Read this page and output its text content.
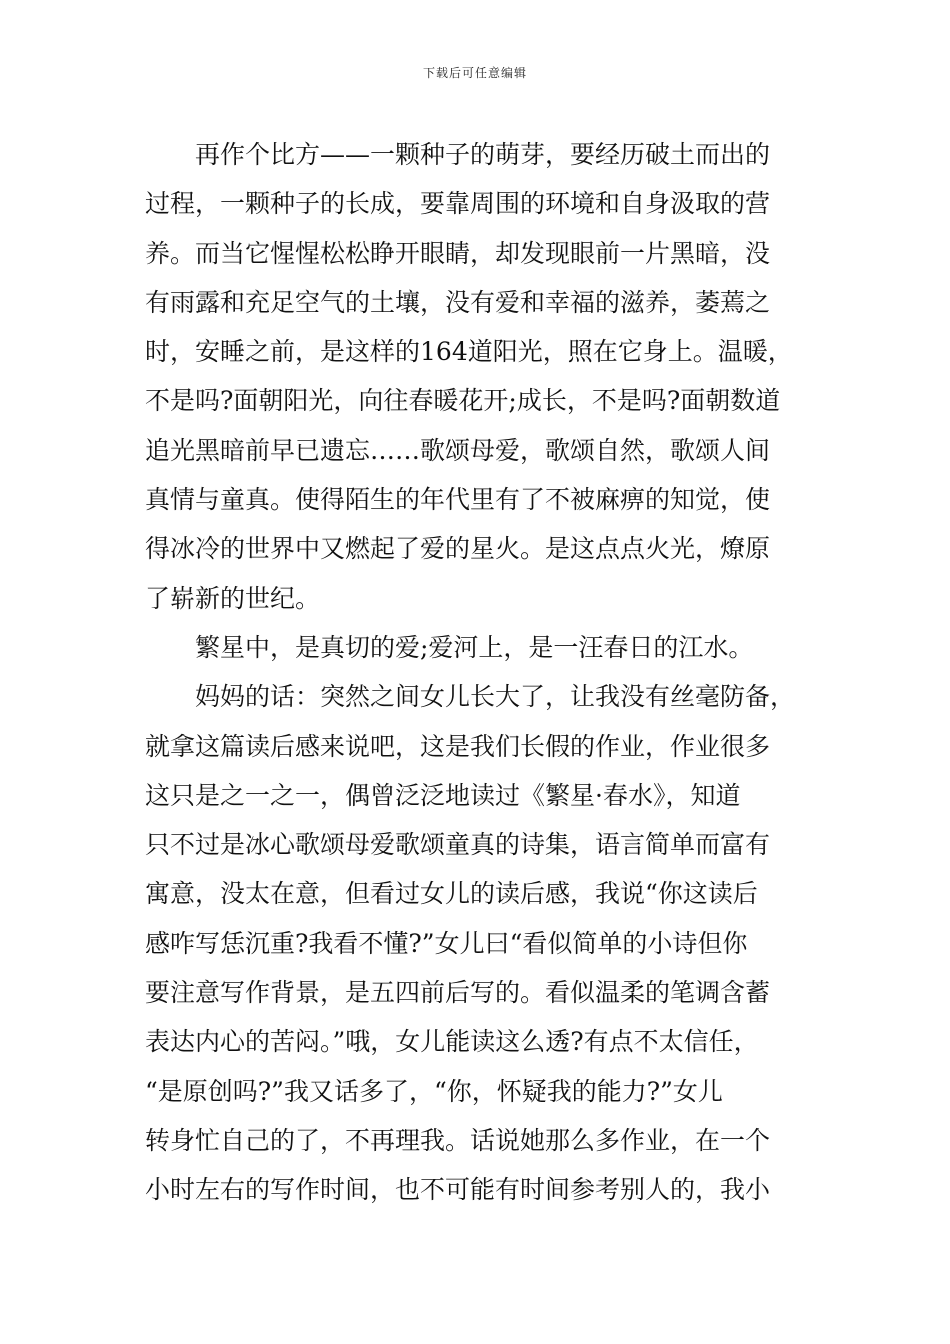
下载后可任意编辑
再作个比方——一颗种子的萌芽，要经历破土而出的
过程，一颗种子的长成，要靠周围的环境和自身汲取的营
养。而当它惺惺松松睁开眼睛，却发现眼前一片黑暗，没
有雨露和充足空气的土壤，没有爱和幸福的滋养，萎蔫之
时，安睡之前，是这样的164道阳光，照在它身上。温暖，
不是吗?面朝阳光，向往春暖花开;成长，不是吗?面朝数道
追光黑暗前早已遗忘……歌颂母爱，歌颂自然，歌颂人间
真情与童真。使得陌生的年代里有了不被麻痹的知觉，使
得冰冷的世界中又燃起了爱的星火。是这点点火光，燎原
了崭新的世纪。
繁星中，是真切的爱;爱河上，是一汪春日的江水。
妈妈的话：突然之间女儿长大了，让我没有丝毫防备，
就拿这篇读后感来说吧，这是我们长假的作业，作业很多
这只是之一之一，偶曾泛泛地读过《繁星·春水》，知道
只不过是冰心歌颂母爱歌颂童真的诗集，语言简单而富有
寓意，没太在意，但看过女儿的读后感，我说“你这读后
感咋写恁沉重?我看不懂?”女儿曰“看似简单的小诗但你
要注意写作背景，是五四前后写的。看似温柔的笔调含蓄
表达内心的苦闷。”哦，女儿能读这么透?有点不太信任，
“是原创吗?”我又话多了，“你，怀疑我的能力?”女儿
转身忙自己的了，不再理我。话说她那么多作业，在一个
小时左右的写作时间，也不可能有时间参考别人的，我小
